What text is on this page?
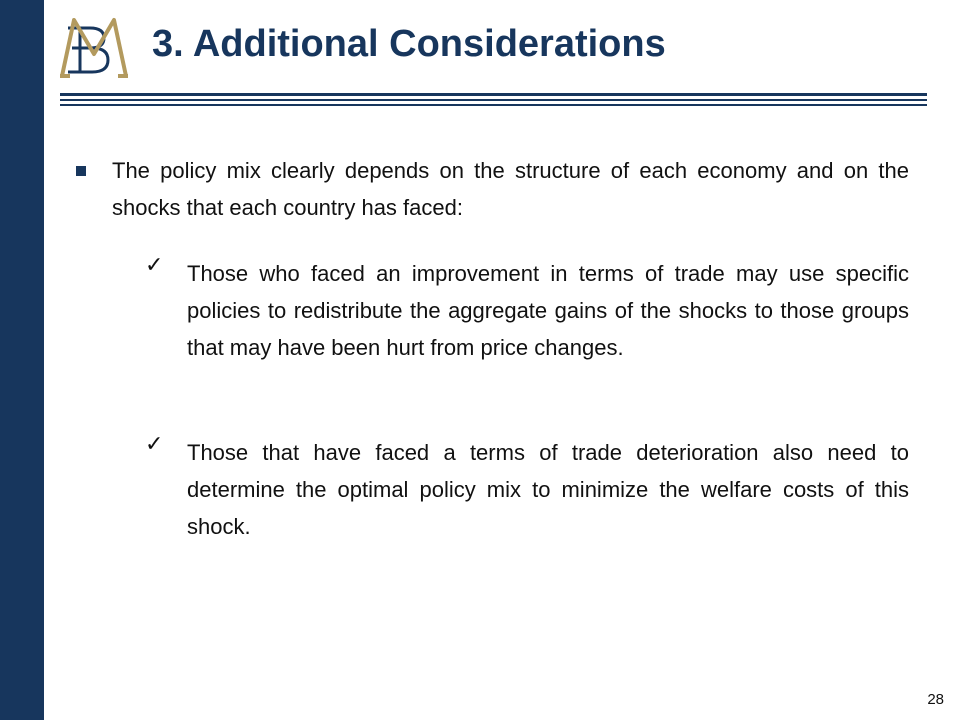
3. Additional Considerations

The policy mix clearly depends on the structure of each economy and on the shocks that each country has faced:

✓ Those who faced an improvement in terms of trade may use specific policies to redistribute the aggregate gains of the shocks to those groups that may have been hurt from price changes.

✓ Those that have faced a terms of trade deterioration also need to determine the optimal policy mix to minimize the welfare costs of this shock.

28
